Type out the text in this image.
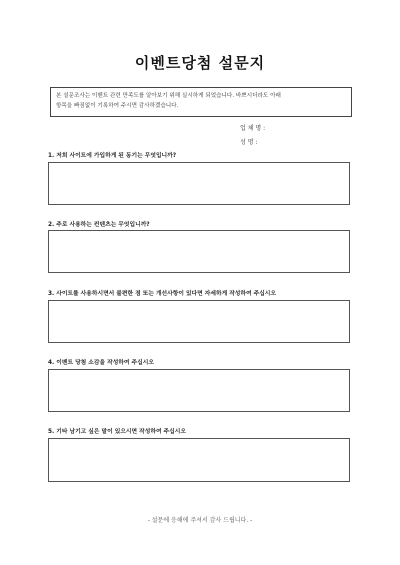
이벤트당첨 설문지
본 설문조사는 이벤트 관련 만족도를 알아보기 위해 실시하게 되었습니다. 바쁘시더라도 아래
항목을 빠짐없이 기록하여 주시면 감사하겠습니다.
업 체 명 :
성 명 :
1. 저희 사이트에 가입하게 된 동기는 무엇입니까?
2. 주로 사용하는 컨텐츠는 무엇입니까?
3. 사이트를 사용하시면서 불편한 점 또는 개선사항이 있다면 자세하게 작성하여 주십시오
4. 이벤트 당첨 소감을 작성하여 주십시오
5. 기타 남기고 싶은 말이 있으시면 작성하여 주십시오
- 설문에 응해에 주셔서 감사 드립니다. -
